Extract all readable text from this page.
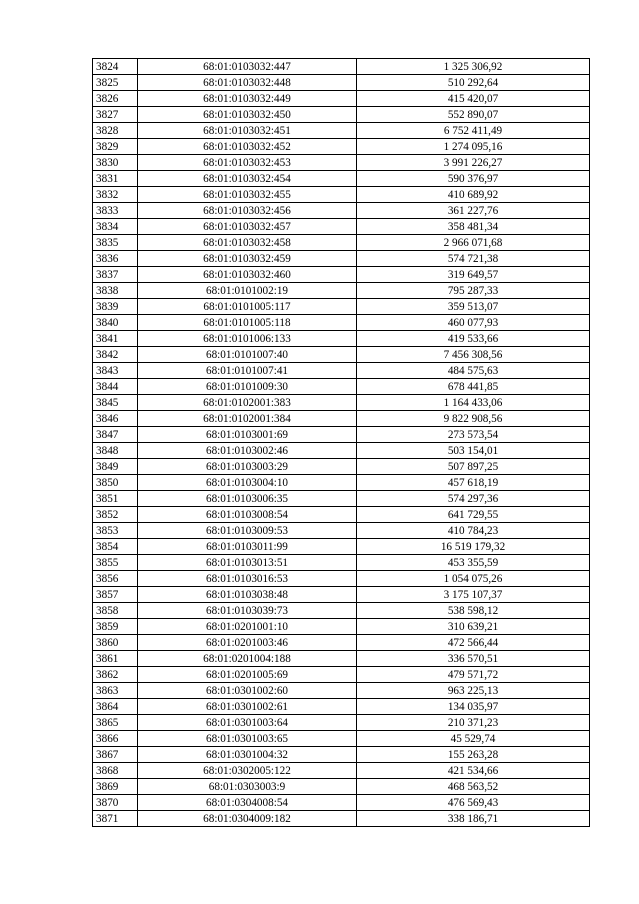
3824	68:01:0103032:447	1 325 306,92
3825	68:01:0103032:448	510 292,64
3826	68:01:0103032:449	415 420,07
3827	68:01:0103032:450	552 890,07
3828	68:01:0103032:451	6 752 411,49
3829	68:01:0103032:452	1 274 095,16
3830	68:01:0103032:453	3 991 226,27
3831	68:01:0103032:454	590 376,97
3832	68:01:0103032:455	410 689,92
3833	68:01:0103032:456	361 227,76
3834	68:01:0103032:457	358 481,34
3835	68:01:0103032:458	2 966 071,68
3836	68:01:0103032:459	574 721,38
3837	68:01:0103032:460	319 649,57
3838	68:01:0101002:19	795 287,33
3839	68:01:0101005:117	359 513,07
3840	68:01:0101005:118	460 077,93
3841	68:01:0101006:133	419 533,66
3842	68:01:0101007:40	7 456 308,56
3843	68:01:0101007:41	484 575,63
3844	68:01:0101009:30	678 441,85
3845	68:01:0102001:383	1 164 433,06
3846	68:01:0102001:384	9 822 908,56
3847	68:01:0103001:69	273 573,54
3848	68:01:0103002:46	503 154,01
3849	68:01:0103003:29	507 897,25
3850	68:01:0103004:10	457 618,19
3851	68:01:0103006:35	574 297,36
3852	68:01:0103008:54	641 729,55
3853	68:01:0103009:53	410 784,23
3854	68:01:0103011:99	16 519 179,32
3855	68:01:0103013:51	453 355,59
3856	68:01:0103016:53	1 054 075,26
3857	68:01:0103038:48	3 175 107,37
3858	68:01:0103039:73	538 598,12
3859	68:01:0201001:10	310 639,21
3860	68:01:0201003:46	472 566,44
3861	68:01:0201004:188	336 570,51
3862	68:01:0201005:69	479 571,72
3863	68:01:0301002:60	963 225,13
3864	68:01:0301002:61	134 035,97
3865	68:01:0301003:64	210 371,23
3866	68:01:0301003:65	45 529,74
3867	68:01:0301004:32	155 263,28
3868	68:01:0302005:122	421 534,66
3869	68:01:0303003:9	468 563,52
3870	68:01:0304008:54	476 569,43
3871	68:01:0304009:182	338 186,71
